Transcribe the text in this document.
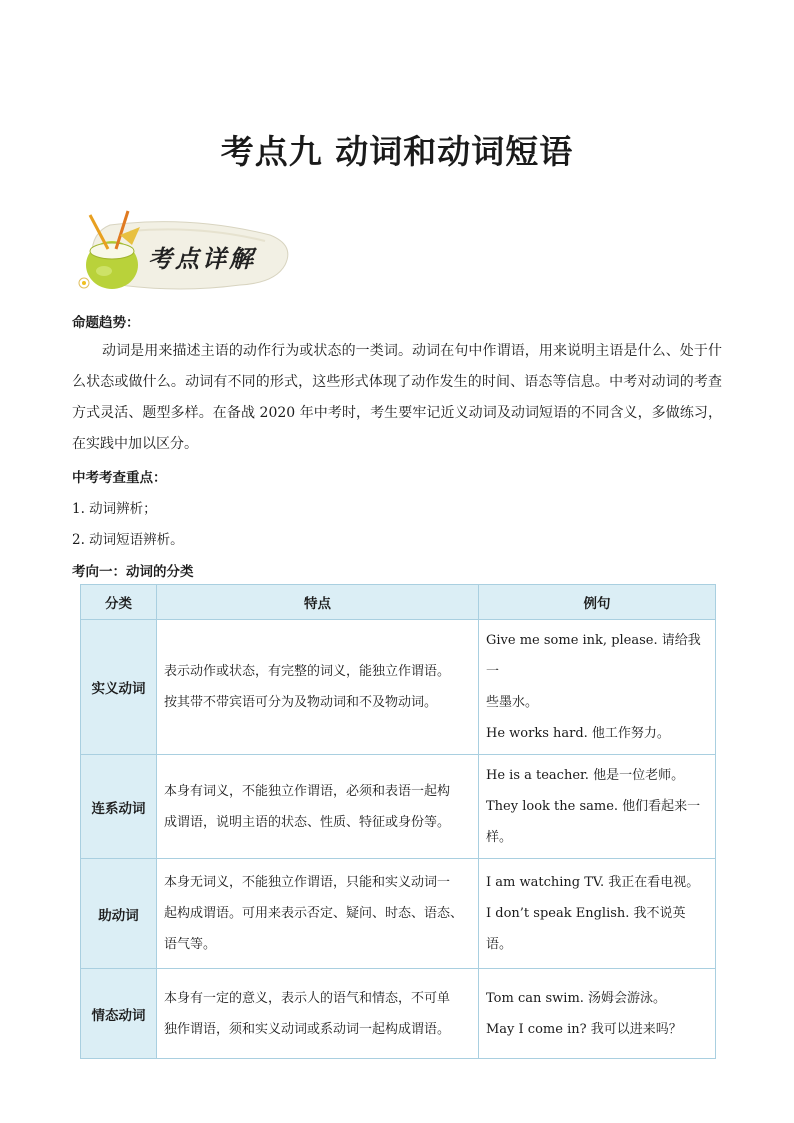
考点九 动词和动词短语
考点详解
命题趋势：
动词是用来描述主语的动作行为或状态的一类词。动词在句中作谓语，用来说明主语是什么、处于什么状态或做什么。动词有不同的形式，这些形式体现了动作发生的时间、语态等信息。中考对动词的考查方式灵活、题型多样。在备战 2020 年中考时，考生要牢记近义动词及动词短语的不同含义，多做练习，在实践中加以区分。
中考考查重点：
1. 动词辨析；
2. 动词短语辨析。
考向一：动词的分类
分类	特点	例句
实义动词	表示动作或状态，有完整的词义，能独立作谓语。
按其带不带宾语可分为及物动词和不及物动词。	Give me some ink, please. 请给我一
些墨水。
He works hard. 他工作努力。

连系动词	本身有词义，不能独立作谓语，必须和表语一起构
成谓语，说明主语的状态、性质、特征或身份等。	He is a teacher. 他是一位老师。
They look the same. 他们看起来一样。

助动词	本身无词义，不能独立作谓语，只能和实义动词一
起构成谓语。可用来表示否定、疑问、时态、语态、
语气等。	I am watching TV. 我正在看电视。
I don’t speak English. 我不说英语。

情态动词	本身有一定的意义，表示人的语气和情态，不可单
独作谓语，须和实义动词或系动词一起构成谓语。	Tom can swim. 汤姆会游泳。
May I come in? 我可以进来吗？
